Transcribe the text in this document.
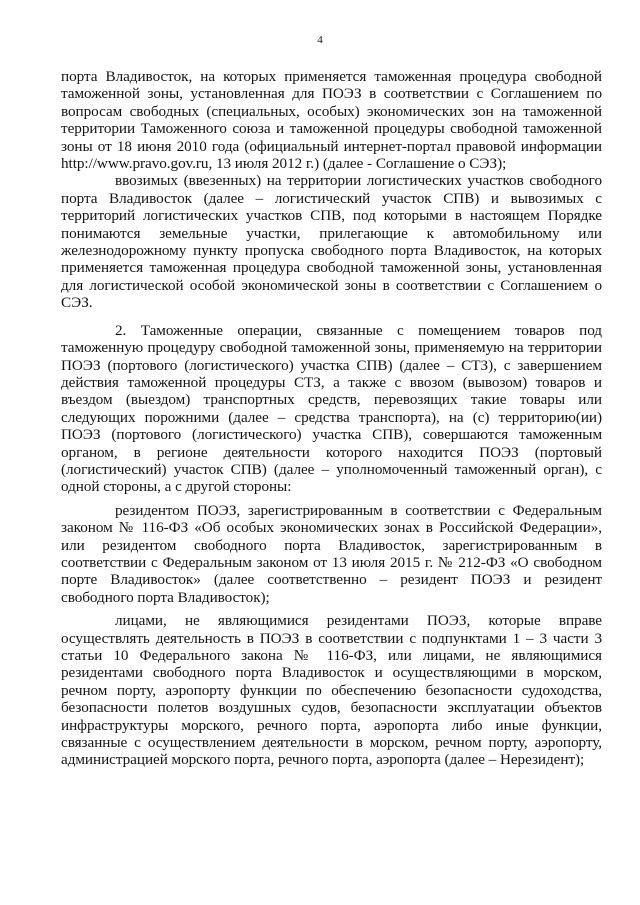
4

порта Владивосток, на которых применяется таможенная процедура свободной таможенной зоны, установленная для ПОЭЗ в соответствии с Соглашением по вопросам свободных (специальных, особых) экономических зон на таможенной территории Таможенного союза и таможенной процедуры свободной таможенной зоны от 18 июня 2010 года (официальный интернет-портал правовой информации http://www.pravo.gov.ru, 13 июля 2012 г.) (далее - Соглашение о СЭЗ);

ввозимых (ввезенных) на территории логистических участков свободного порта Владивосток (далее – логистический участок СПВ) и вывозимых с территорий логистических участков СПВ, под которыми в настоящем Порядке понимаются земельные участки, прилегающие к автомобильному или железнодорожному пункту пропуска свободного порта Владивосток, на которых применяется таможенная процедура свободной таможенной зоны, установленная для логистической особой экономической зоны в соответствии с Соглашением о СЭЗ.

2. Таможенные операции, связанные с помещением товаров под таможенную процедуру свободной таможенной зоны, применяемую на территории ПОЭЗ (портового (логистического) участка СПВ) (далее – СТЗ), с завершением действия таможенной процедуры СТЗ, а также с ввозом (вывозом) товаров и въездом (выездом) транспортных средств, перевозящих такие товары или следующих порожними (далее – средства транспорта), на (с) территорию(ии) ПОЭЗ (портового (логистического) участка СПВ), совершаются таможенным органом, в регионе деятельности которого находится ПОЭЗ (портовый (логистический) участок СПВ) (далее – уполномоченный таможенный орган), с одной стороны, а с другой стороны:

резидентом ПОЭЗ, зарегистрированным в соответствии с Федеральным законом № 116-ФЗ «Об особых экономических зонах в Российской Федерации», или резидентом свободного порта Владивосток, зарегистрированным в соответствии с Федеральным законом от 13 июля 2015 г. № 212-ФЗ «О свободном порте Владивосток» (далее соответственно – резидент ПОЭЗ и резидент свободного порта Владивосток);

лицами, не являющимися резидентами ПОЭЗ, которые вправе осуществлять деятельность в ПОЭЗ в соответствии с подпунктами 1 – 3 части 3 статьи 10 Федерального закона № 116-ФЗ, или лицами, не являющимися резидентами свободного порта Владивосток и осуществляющими в морском, речном порту, аэропорту функции по обеспечению безопасности судоходства, безопасности полетов воздушных судов, безопасности эксплуатации объектов инфраструктуры морского, речного порта, аэропорта либо иные функции, связанные с осуществлением деятельности в морском, речном порту, аэропорту, администрацией морского порта, речного порта, аэропорта (далее – Нерезидент);
